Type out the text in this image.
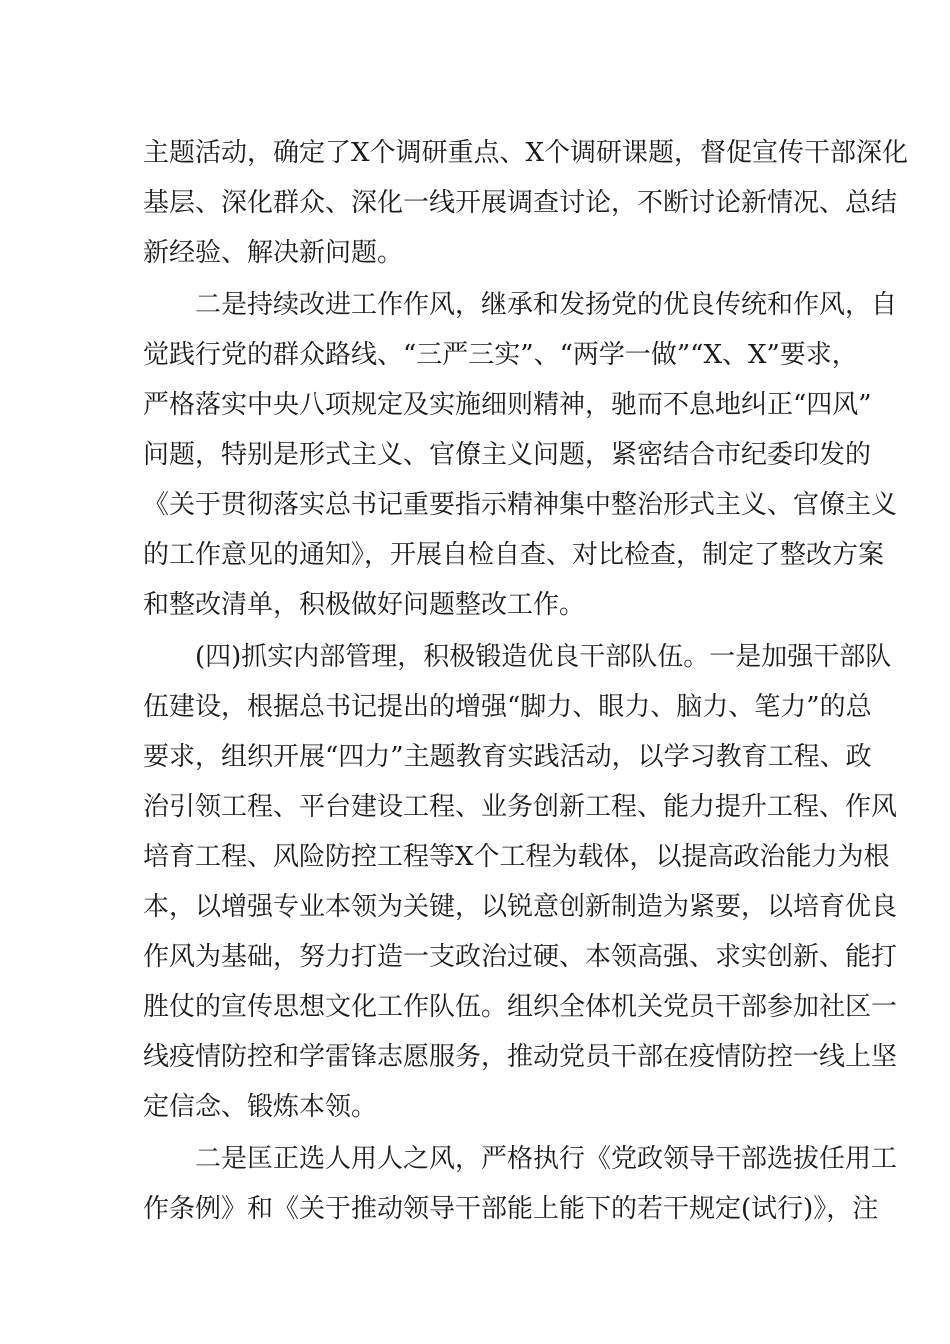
主题活动，确定了X个调研重点、X个调研课题，督促宣传干部深化
基层、深化群众、深化一线开展调查讨论，不断讨论新情况、总结
新经验、解决新问题。
二是持续改进工作作风，继承和发扬党的优良传统和作风，自
觉践行党的群众路线、“三严三实”、“两学一做”“X、X”要求，
严格落实中央八项规定及实施细则精神，驰而不息地纠正“四风”
问题，特别是形式主义、官僚主义问题，紧密结合市纪委印发的
《关于贯彻落实总书记重要指示精神集中整治形式主义、官僚主义
的工作意见的通知》，开展自检自查、对比检查，制定了整改方案
和整改清单，积极做好问题整改工作。
(四)抓实内部管理，积极锻造优良干部队伍。一是加强干部队
伍建设，根据总书记提出的增强“脚力、眼力、脑力、笔力”的总
要求，组织开展“四力”主题教育实践活动，以学习教育工程、政
治引领工程、平台建设工程、业务创新工程、能力提升工程、作风
培育工程、风险防控工程等X个工程为载体，以提高政治能力为根
本，以增强专业本领为关键，以锐意创新制造为紧要，以培育优良
作风为基础，努力打造一支政治过硬、本领高强、求实创新、能打
胜仗的宣传思想文化工作队伍。组织全体机关党员干部参加社区一
线疫情防控和学雷锋志愿服务，推动党员干部在疫情防控一线上坚
定信念、锻炼本领。
二是匡正选人用人之风，严格执行《党政领导干部选拔任用工
作条例》和《关于推动领导干部能上能下的若干规定(试行)》，注
